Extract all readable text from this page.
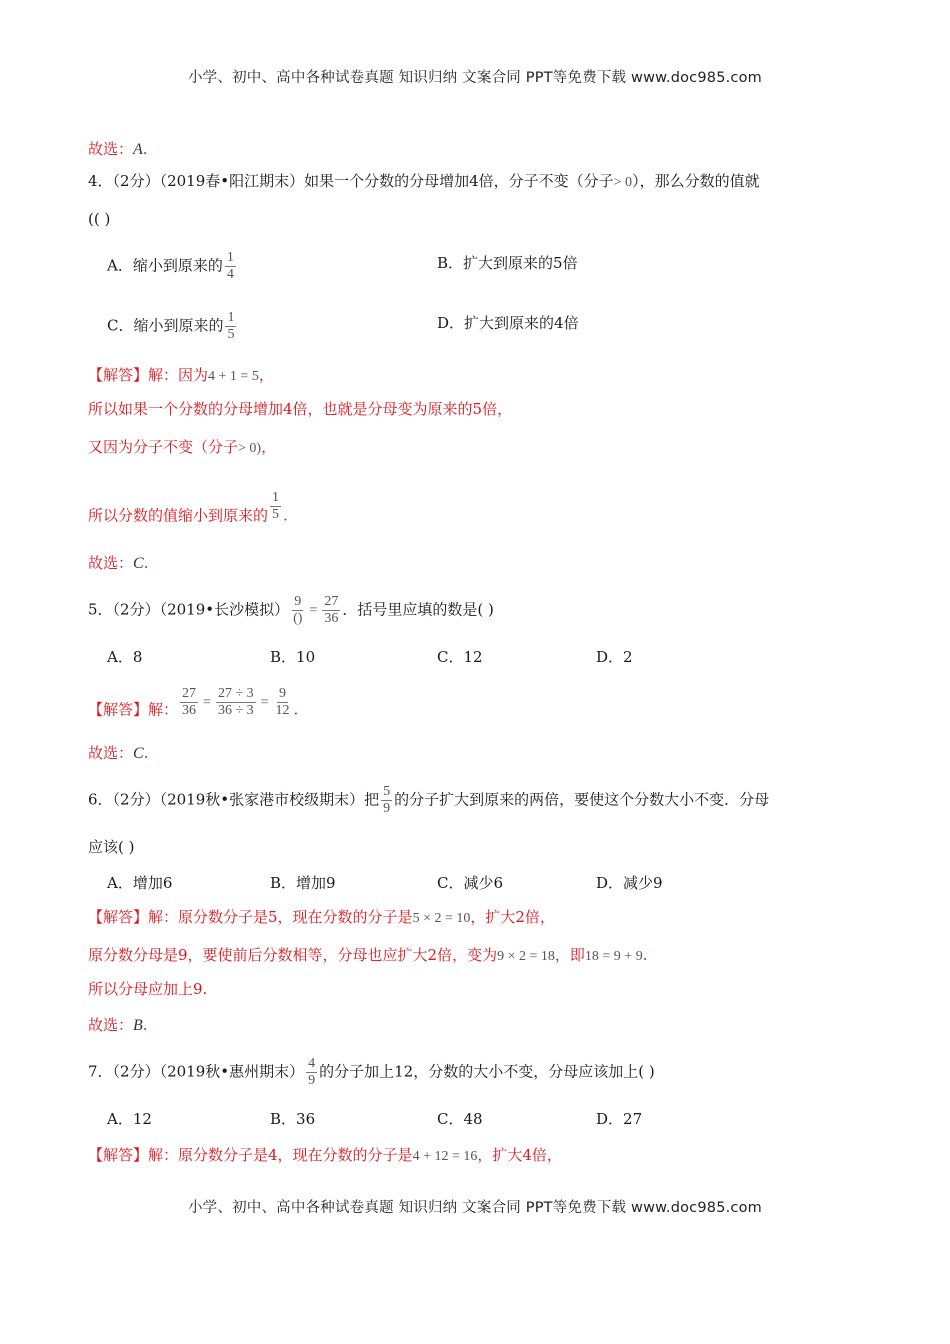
小学、初中、高中各种试卷真题 知识归纳 文案合同 PPT等免费下载 www.doc985.com
故选：A.
4．（2分）（2019春•阳江期末）如果一个分数的分母增加4倍，分子不变（分子> 0），那么分数的值就
(( )
A．缩小到原来的 $\frac{1}{4}$	B．扩大到原来的5倍
C．缩小到原来的 $\frac{1}{5}$	D．扩大到原来的4倍
【解答】解：因为4 + 1 = 5，
所以如果一个分数的分母增加4倍，也就是分母变为原来的5倍，
又因为分子不变（分子> 0)，
所以分数的值缩小到原来的 $\frac{1}{5}$ .
故选：C.
5．（2分）（2019•长沙模拟） $\frac{9}{()} = \frac{27}{36}$ ．括号里应填的数是( )
A．8	B．10	C．12	D．2
【解答】解： $\frac{27}{36} = \frac{27 \div 3}{36 \div 3} = \frac{9}{12}$ .
故选：C.
6．（2分）（2019秋•张家港市校级期末）把 $\frac{5}{9}$ 的分子扩大到原来的两倍，要使这个分数大小不变．分母
应该( )
A．增加6	B．增加9	C．减少6	D．减少9
【解答】解：原分数分子是5，现在分数的分子是5 × 2 = 10，扩大2倍，
原分数分母是9，要使前后分数相等，分母也应扩大2倍，变为9 × 2 = 18，即18 = 9 + 9.
所以分母应加上9.
故选：B.
7．（2分）（2019秋•惠州期末） $\frac{4}{9}$ 的分子加上12，分数的大小不变，分母应该加上( )
A．12	B．36	C．48	D．27
【解答】解：原分数分子是4，现在分数的分子是4 + 12 = 16，扩大4倍，
小学、初中、高中各种试卷真题 知识归纳 文案合同 PPT等免费下载 www.doc985.com
